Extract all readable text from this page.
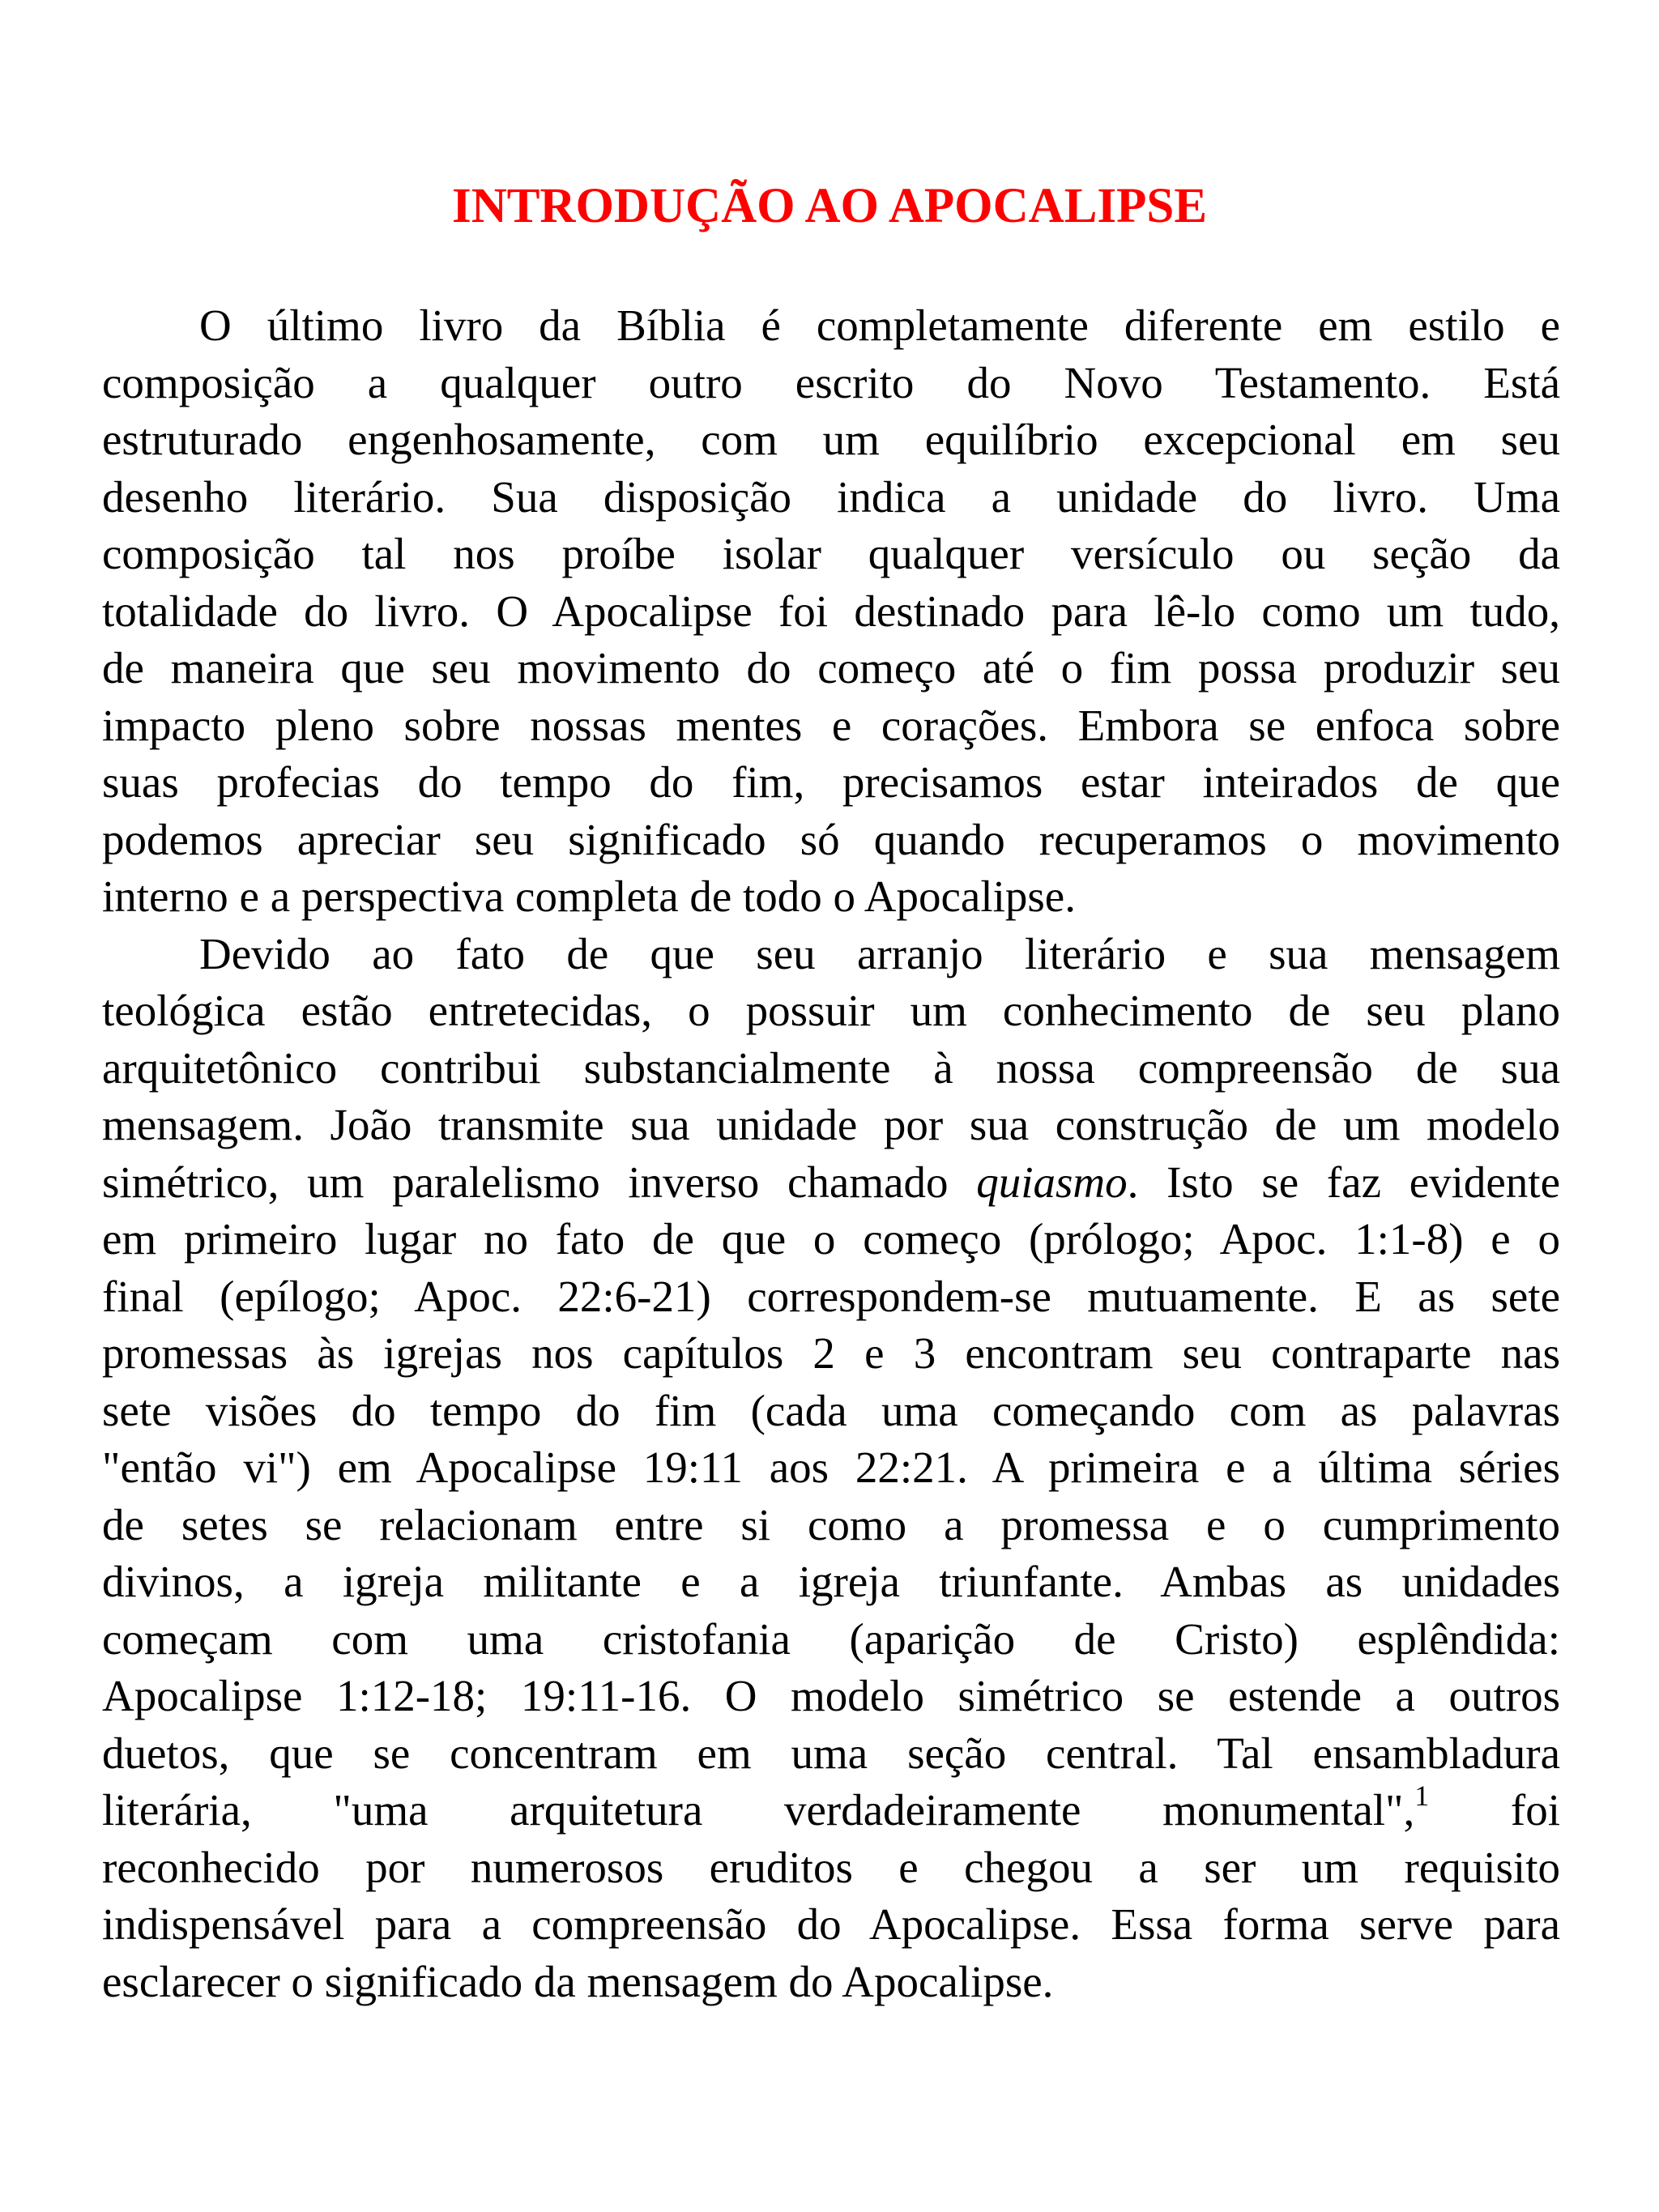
INTRODUÇÃO AO APOCALIPSE
O último livro da Bíblia é completamente diferente em estilo e
composição a qualquer outro escrito do Novo Testamento. Está
estruturado engenhosamente, com um equilíbrio excepcional em seu
desenho literário. Sua disposição indica a unidade do livro. Uma
composição tal nos proíbe isolar qualquer versículo ou seção da
totalidade do livro. O Apocalipse foi destinado para lê-lo como um tudo,
de maneira que seu movimento do começo até o fim possa produzir seu
impacto pleno sobre nossas mentes e corações. Embora se enfoca sobre
suas profecias do tempo do fim, precisamos estar inteirados de que
podemos apreciar seu significado só quando recuperamos o movimento
interno e a perspectiva completa de todo o Apocalipse.
Devido ao fato de que seu arranjo literário e sua mensagem
teológica estão entretecidas, o possuir um conhecimento de seu plano
arquitetônico contribui substancialmente à nossa compreensão de sua
mensagem. João transmite sua unidade por sua construção de um modelo
simétrico, um paralelismo inverso chamado quiasmo. Isto se faz evidente
em primeiro lugar no fato de que o começo (prólogo; Apoc. 1:1-8) e o
final (epílogo; Apoc. 22:6-21) correspondem-se mutuamente. E as sete
promessas às igrejas nos capítulos 2 e 3 encontram seu contraparte nas
sete visões do tempo do fim (cada uma começando com as palavras
"então vi") em Apocalipse 19:11 aos 22:21. A primeira e a última séries
de setes se relacionam entre si como a promessa e o cumprimento
divinos, a igreja militante e a igreja triunfante. Ambas as unidades
começam com uma cristofania (aparição de Cristo) esplêndida:
Apocalipse 1:12-18; 19:11-16. O modelo simétrico se estende a outros
duetos, que se concentram em uma seção central. Tal ensambladura
literária, "uma arquitetura verdadeiramente monumental",$^1$ foi
reconhecido por numerosos eruditos e chegou a ser um requisito
indispensável para a compreensão do Apocalipse. Essa forma serve para
esclarecer o significado da mensagem do Apocalipse.
